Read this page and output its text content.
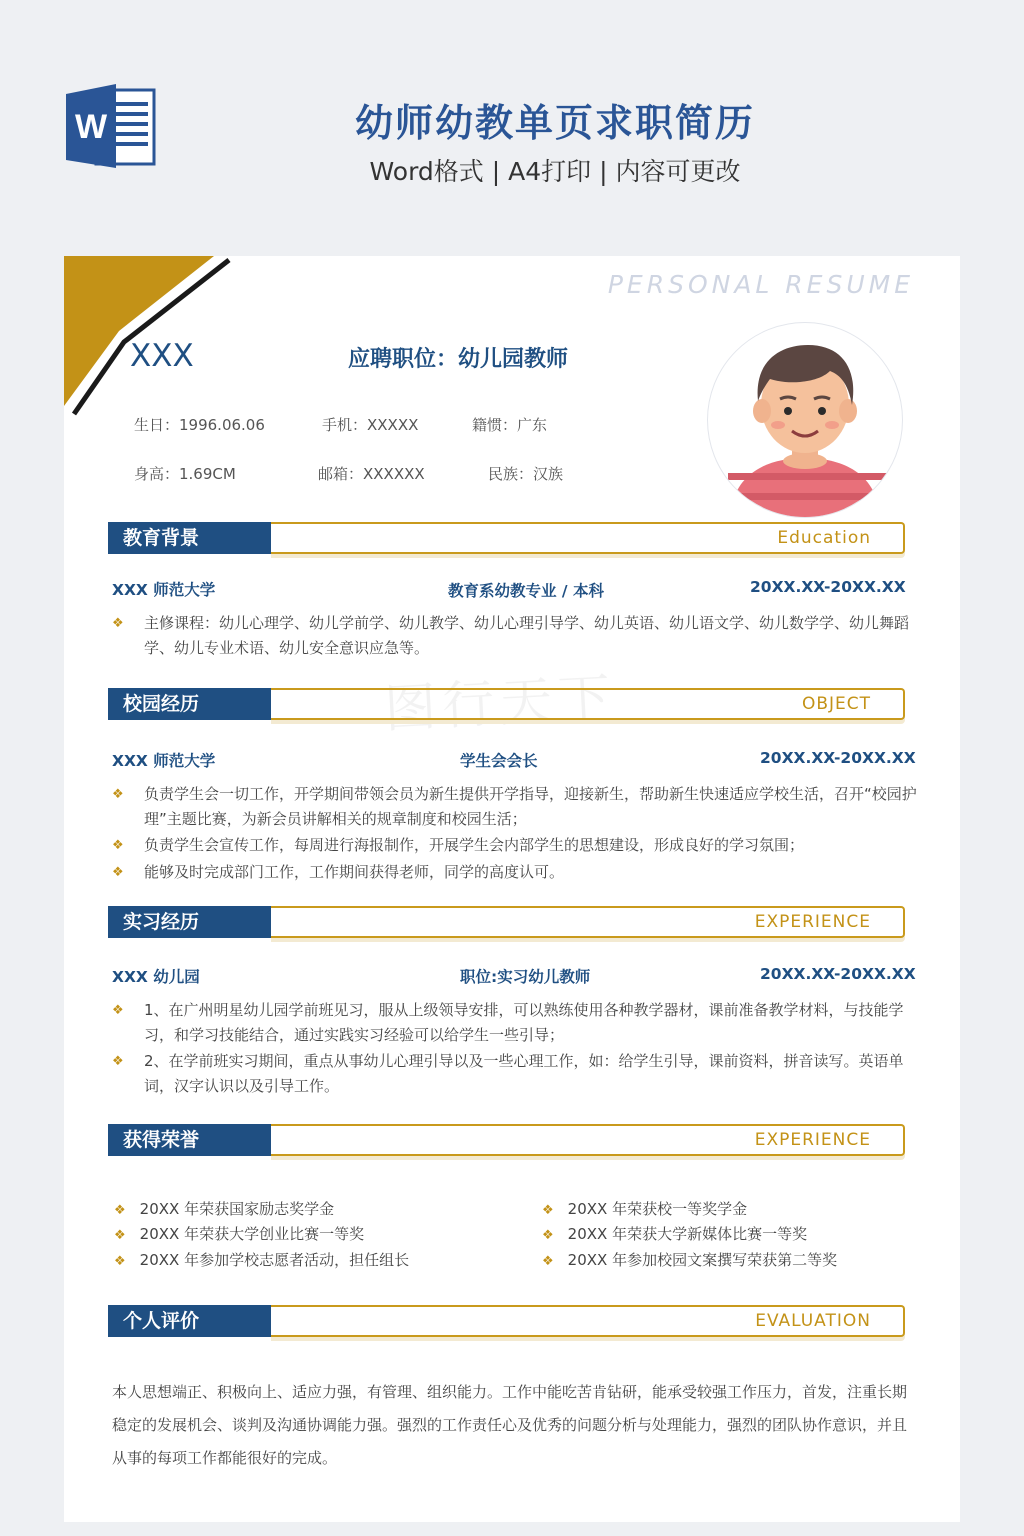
W	幼师幼教单页求职简历
Word格式 | A4打印 | 内容可更改
PERSONAL RESUME
图行天下
XXX	应聘职位：幼儿园教师
生日：1996.06.06	手机：XXXXX	籍惯：广东
身高：1.69CM	邮箱：XXXXXX	民族：汉族
教育背景	Education
XXX 师范大学	教育系幼教专业 / 本科	20XX.XX-20XX.XX
❖	主修课程：幼儿心理学、幼儿学前学、幼儿教学、幼儿心理引导学、幼儿英语、幼儿语文学、幼儿数学学、幼儿舞蹈学、幼儿专业术语、幼儿安全意识应急等。
校园经历	OBJECT
XXX 师范大学	学生会会长	20XX.XX-20XX.XX
❖	负责学生会一切工作，开学期间带领会员为新生提供开学指导，迎接新生，帮助新生快速适应学校生活，召开“校园护理”主题比赛，为新会员讲解相关的规章制度和校园生活；
❖	负责学生会宣传工作，每周进行海报制作，开展学生会内部学生的思想建设，形成良好的学习氛围；
❖	能够及时完成部门工作，工作期间获得老师，同学的高度认可。
实习经历	EXPERIENCE
XXX 幼儿园	职位:实习幼儿教师	20XX.XX-20XX.XX
❖	1、在广州明星幼儿园学前班见习，服从上级领导安排，可以熟练使用各种教学器材，课前准备教学材料，与技能学习，和学习技能结合，通过实践实习经验可以给学生一些引导；
❖	2、在学前班实习期间，重点从事幼儿心理引导以及一些心理工作，如：给学生引导，课前资料，拼音读写。英语单词，汉字认识以及引导工作。
获得荣誉	EXPERIENCE
❖ 20XX 年荣获国家励志奖学金	❖ 20XX 年荣获校一等奖学金
❖ 20XX 年荣获大学创业比赛一等奖	❖ 20XX 年荣获大学新媒体比赛一等奖
❖ 20XX 年参加学校志愿者活动，担任组长	❖ 20XX 年参加校园文案撰写荣获第二等奖
个人评价	EVALUATION
本人思想端正、积极向上、适应力强，有管理、组织能力。工作中能吃苦肯钻研，能承受较强工作压力，首发，注重长期稳定的发展机会、谈判及沟通协调能力强。强烈的工作责任心及优秀的问题分析与处理能力，强烈的团队协作意识，并且从事的每项工作都能很好的完成。
